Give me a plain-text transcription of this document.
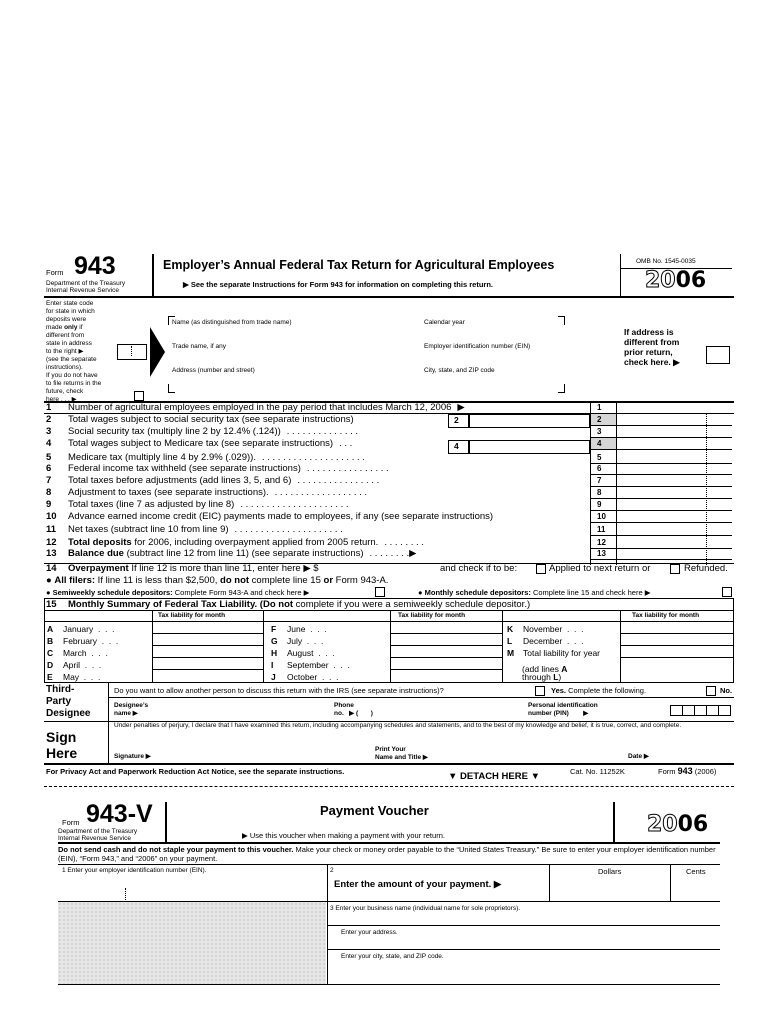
Form 943
Department of the Treasury
Internal Revenue Service
Employer’s Annual Federal Tax Return for Agricultural Employees
▶ See the separate Instructions for Form 943 for information on completing this return.
OMB No. 1545-0035
2006
Enter state code
for state in which
deposits were
made only if
different from
state in address
to the right ▶
(see the separate
instructions).
If you do not have
to file returns in the
future, check
here . . . ▶
Name (as distinguished from trade name)	Calendar year
Trade name, if any	Employer identification number (EIN)
Address (number and street)	City, state, and ZIP code
If address is
different from
prior return,
check here. ▶
1 Number of agricultural employees employed in the pay period that includes March 12, 2006 ▶	1
2 Total wages subject to social security tax (see separate instructions)	2
3 Social security tax (multiply line 2 by 12.4% (.124)) . . . . . . . . . . . . . .	3
4 Total wages subject to Medicare tax (see separate instructions) . . .	4
5 Medicare tax (multiply line 4 by 2.9% (.029)). . . . . . . . . . . . . . . . . . . . .	5
6 Federal income tax withheld (see separate instructions) . . . . . . . . . . . . . . . .	6
7 Total taxes before adjustments (add lines 3, 5, and 6) . . . . . . . . . . . . . . . .	7
8 Adjustment to taxes (see separate instructions). . . . . . . . . . . . . . . . . . .	8
9 Total taxes (line 7 as adjusted by line 8) . . . . . . . . . . . . . . . . . . . . .	9
10 Advance earned income credit (EIC) payments made to employees, if any (see separate instructions)	10
11 Net taxes (subtract line 10 from line 9) . . . . . . . . . . . . . . . . . . . . .	11
12 Total deposits for 2006, including overpayment applied from 2005 return. . . . . . . . .	12
13 Balance due (subtract line 12 from line 11) (see separate instructions) . . . . . . . .▶	13
2
4
14 Overpayment If line 12 is more than line 11, enter here ▶ $	and check if to be:	Applied to next return or	Refunded.
● All filers: If line 11 is less than $2,500, do not complete line 15 or Form 943-A.
● Semiweekly schedule depositors: Complete Form 943-A and check here ▶	● Monthly schedule depositors: Complete line 15 and check here ▶
15 Monthly Summary of Federal Tax Liability. (Do not complete if you were a semiweekly schedule depositor.)
Tax liability for month	Tax liability for month	Tax liability for month
A January  .  .  .
B February  .  .  .
C March  .  .  .
D April  .  .  .
E May  .  .  .
F June  .  .  .
G July  .  .  .
H August  .  .  .
I September  .  .  .
J October  .  .  .
K November  .  .  .
L December  .  .  .
M Total liability for year
(add lines A
through L)
Third-
Party
Designee
Do you want to allow another person to discuss this return with the IRS (see separate instructions)?	Yes. Complete the following.	No.
Designee’s
name ▶
Phone
no.   ▶ (       )
Personal identification
number (PIN)        ▶
Sign
Here
Under penalties of perjury, I declare that I have examined this return, including accompanying schedules and statements, and to the best of my knowledge and belief, it is true, correct, and complete.
Signature ▶
Print Your
Name and Title ▶	Date ▶
For Privacy Act and Paperwork Reduction Act Notice, see the separate instructions.	▼ DETACH HERE ▼	Cat. No. 11252K	Form 943 (2006)
Form 943-V
Department of the Treasury
Internal Revenue Service
Payment Voucher
▶ Use this voucher when making a payment with your return.	2006
Do not send cash and do not staple your payment to this voucher. Make your check or money order payable to the “United States Treasury.” Be sure to enter your employer identification number (EIN), “Form 943,” and “2006” on your payment.
1 Enter your employer identification number (EIN).	2
Enter the amount of your payment. ▶
Dollars	Cents
3 Enter your business name (individual name for sole proprietors).
Enter your address.
Enter your city, state, and ZIP code.
